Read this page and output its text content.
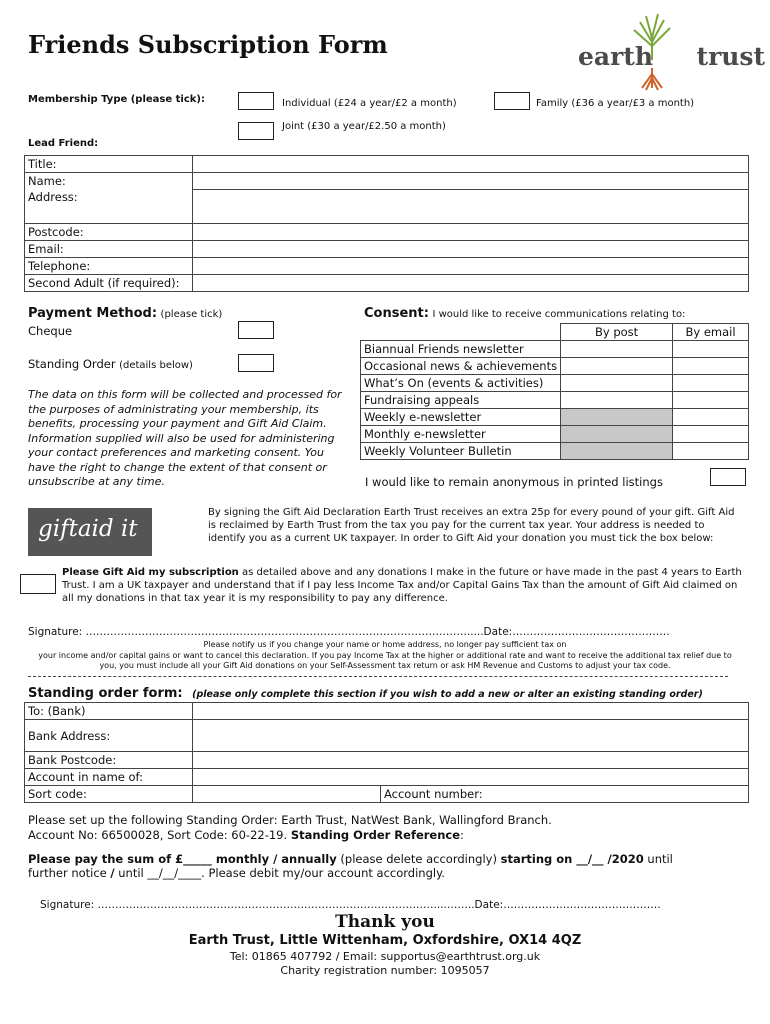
Friends Subscription Form	earth     trust
Membership Type (please tick):	Individual (£24 a year/£2 a month)	Family (£36 a year/£3 a month)
Joint (£30 a year/£2.50 a month)
Lead Friend:
Title:	
Name:	
Address:	
Postcode:	
Email:	
Telephone:	
Second Adult (if required):	
Payment Method: (please tick)
Cheque
Standing Order (details below)
The data on this form will be collected and processed for the purposes of administrating your membership, its benefits, processing your payment and Gift Aid Claim. Information supplied will also be used for administering your contact preferences and marketing consent. You have the right to change the extent of that consent or unsubscribe at any time.
Consent: I would like to receive communications relating to:
	By post	By email
Biannual Friends newsletter		
Occasional news & achievements		
What’s On (events & activities)		
Fundraising appeals		
Weekly e-newsletter		
Monthly e-newsletter		
Weekly Volunteer Bulletin		
I would like to remain anonymous in printed listings
giftaid it
By signing the Gift Aid Declaration Earth Trust receives an extra 25p for every pound of your gift. Gift Aid is reclaimed by Earth Trust from the tax you pay for the current tax year. Your address is needed to identify you as a current UK taxpayer. In order to Gift Aid your donation you must tick the box below:
Please Gift Aid my subscription as detailed above and any donations I make in the future or have made in the past 4 years to Earth Trust. I am a UK taxpayer and understand that if I pay less Income Tax and/or Capital Gains Tax than the amount of Gift Aid claimed on all my donations in that tax year it is my responsibility to pay any difference.
Signature: ………………………………………………………………………………………….…….....Date:………………………………………
Please notify us if you change your name or home address, no longer pay sufficient tax on
your income and/or capital gains or want to cancel this declaration. If you pay Income Tax at the higher or additional rate and want to receive the additional tax relief due to
you, you must include all your Gift Aid donations on your Self-Assessment tax return or ask HM Revenue and Customs to adjust your tax code.
Standing order form: (please only complete this section if you wish to add a new or alter an existing standing order)
To: (Bank)		
Bank Address:		
Bank Postcode:		
Account in name of:		
Sort code:		Account number:
Please set up the following Standing Order: Earth Trust, NatWest Bank, Wallingford Branch.
Account No: 66500028, Sort Code: 60-22-19. Standing Order Reference:
Please pay the sum of £_____ monthly / annually (please delete accordingly) starting on __/__ /2020 until
further notice / until __/__/____. Please debit my/our account accordingly.
Signature: ……………………………………………………………………………………....……..Date:………………………………………
Thank you
Earth Trust, Little Wittenham, Oxfordshire, OX14 4QZ
Tel: 01865 407792 / Email: supportus@earthtrust.org.uk
Charity registration number: 1095057
